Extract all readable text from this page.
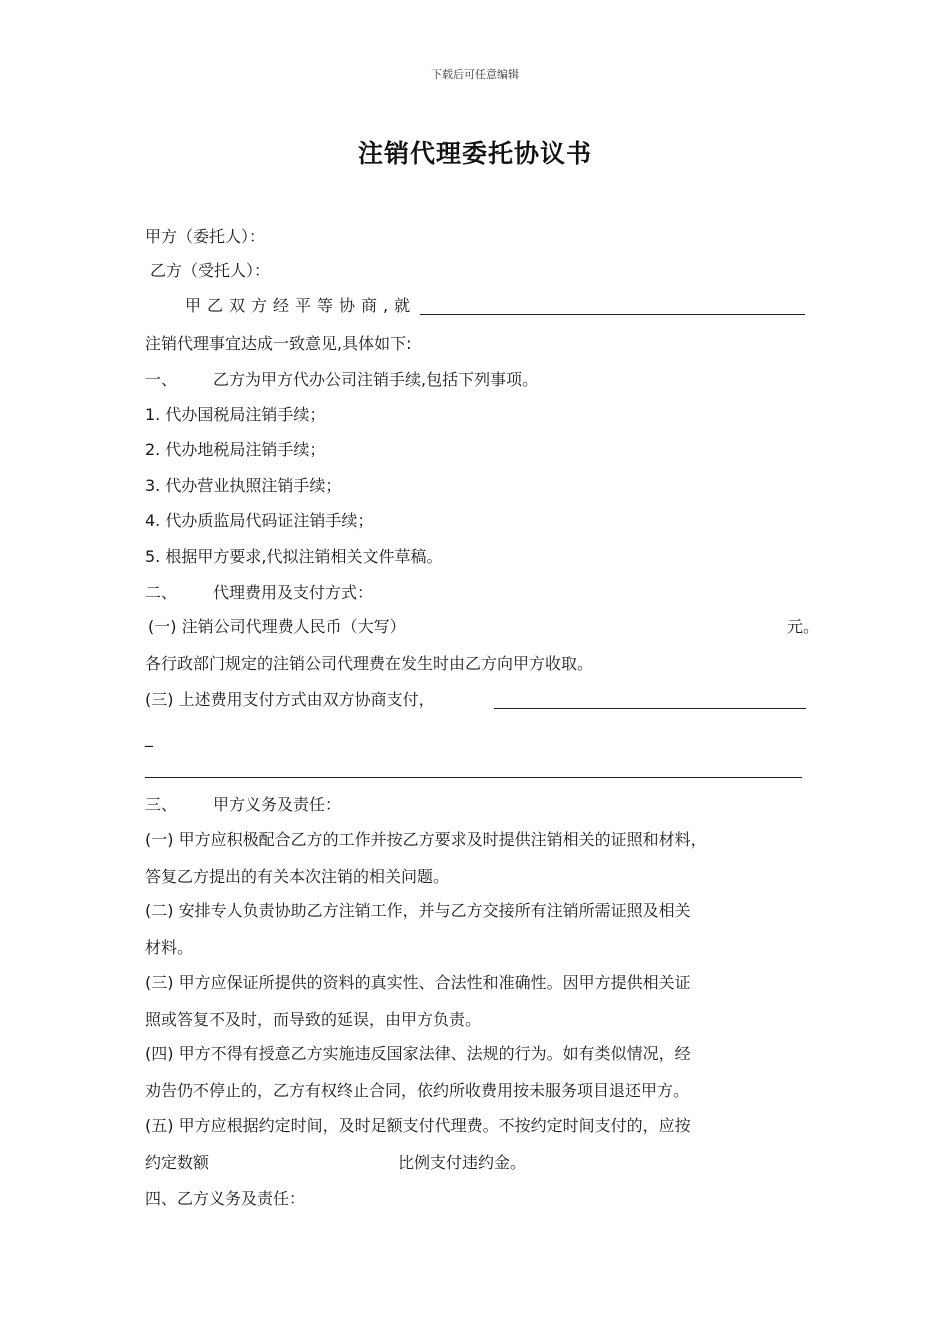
下载后可任意编辑
注销代理委托协议书
甲方（委托人）：
乙方（受托人）：
甲乙双方经平等协商,就
注销代理事宜达成一致意见,具体如下:
一、 乙方为甲方代办公司注销手续,包括下列事项。
1. 代办国税局注销手续；
2. 代办地税局注销手续；
3. 代办营业执照注销手续；
4. 代办质监局代码证注销手续；
5. 根据甲方要求,代拟注销相关文件草稿。
二、 代理费用及支付方式：
(一) 注销公司代理费人民币（大写）	元。
各行政部门规定的注销公司代理费在发生时由乙方向甲方收取。
(三) 上述费用支付方式由双方协商支付，
_
三、 甲方义务及责任：
(一) 甲方应积极配合乙方的工作并按乙方要求及时提供注销相关的证照和材料，
答复乙方提出的有关本次注销的相关问题。
(二) 安排专人负责协助乙方注销工作，并与乙方交接所有注销所需证照及相关
材料。
(三) 甲方应保证所提供的资料的真实性、合法性和准确性。因甲方提供相关证
照或答复不及时，而导致的延误，由甲方负责。
(四) 甲方不得有授意乙方实施违反国家法律、法规的行为。如有类似情况，经
劝告仍不停止的，乙方有权终止合同，依约所收费用按未服务项目退还甲方。
(五) 甲方应根据约定时间，及时足额支付代理费。不按约定时间支付的，应按
约定数额	比例支付违约金。
四、乙方义务及责任：
